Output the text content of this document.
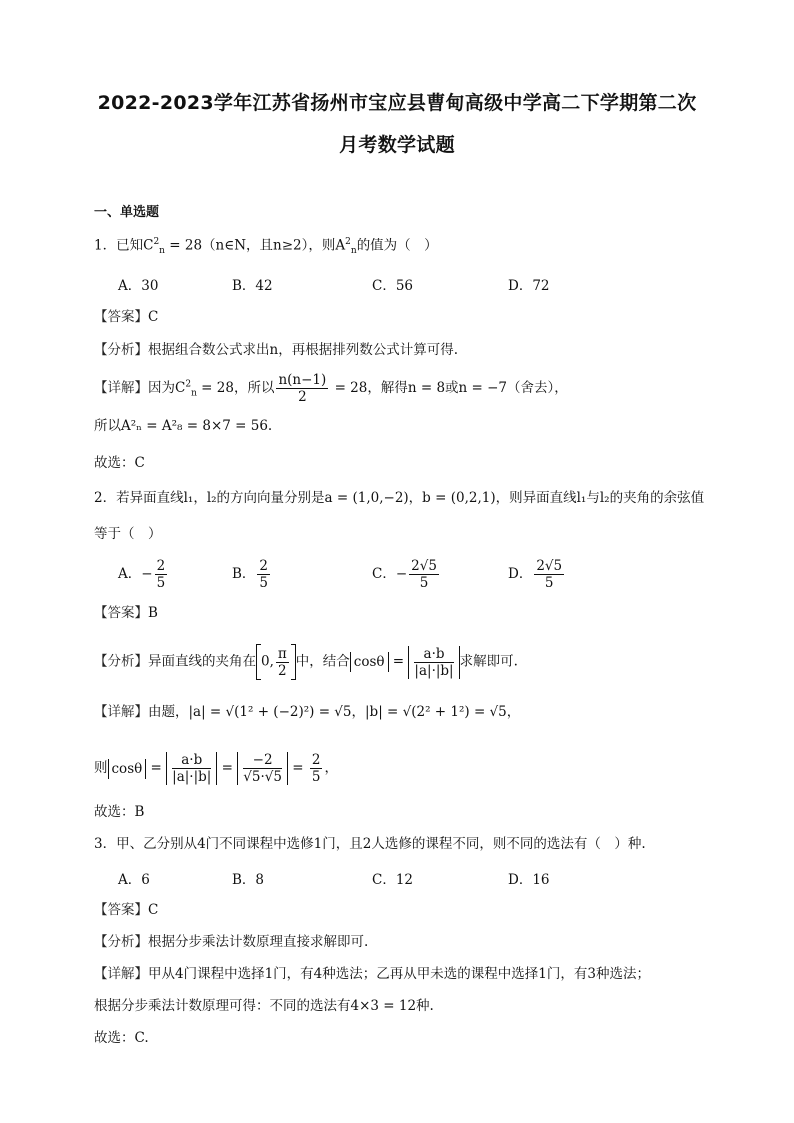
2022-2023学年江苏省扬州市宝应县曹甸高级中学高二下学期第二次
月考数学试题
一、单选题
1．已知$C^2_n$ = 28（n∈N，且n≥2），则$A^2_n$的值为（　）
A．30	B．42	C．56	D．72
【答案】C
【分析】根据组合数公式求出n，再根据排列数公式计算可得.
【详解】因为$C^2_n = 28$，所以 $\frac{n(n-1)}{2} = 28$，解得n = 8或n = −7（舍去），
所以A²ₙ = A²₈ = 8×7 = 56.
故选：C
2．若异面直线l₁，l₂的方向向量分别是a = (1,0,−2)，b = (0,2,1)，则异面直线l₁与l₂的夹角的余弦值
等于（　）
A．− $\frac{2}{5}$	B． $\frac{2}{5}$	C．− $\frac{2√5}{5}$	D． $\frac{2√5}{5}$
【答案】B
【分析】异面直线的夹角在 0, $\frac{\pi}{2}$ 中，结合 $\cos\theta = \frac{a\cdot b}{|a|\cdot|b|}$ 求解即可.
【详解】由题，|a| = √(1² + (−2)²) = √5，|b| = √(2² + 1²) = √5，
则 $\cos\theta = \frac{a\cdot b}{|a|\cdot|b|} = \frac{-2}{√5\cdot√5} = \frac{2}{5}$ ，
故选：B
3．甲、乙分别从4门不同课程中选修1门，且2人选修的课程不同，则不同的选法有（　）种.
A．6	B．8	C．12	D．16
【答案】C
【分析】根据分步乘法计数原理直接求解即可.
【详解】甲从4门课程中选择1门，有4种选法；乙再从甲未选的课程中选择1门，有3种选法；
根据分步乘法计数原理可得：不同的选法有4×3 = 12种.
故选：C.
